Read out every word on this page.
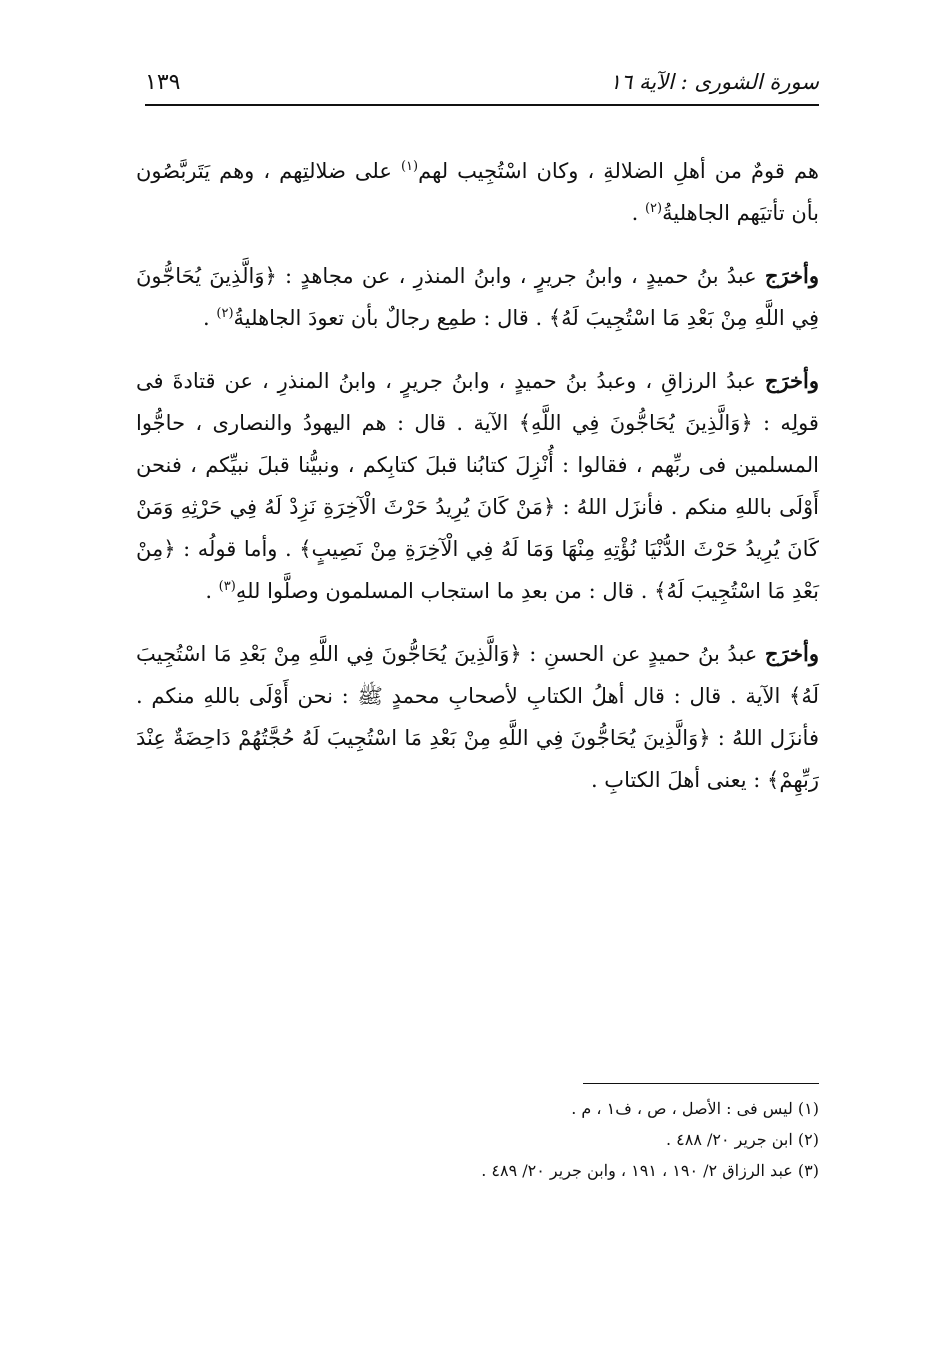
١٣٩	سورة الشورى : الآية ١٦

هم قومٌ من أهلِ الضلالةِ ، وكان اسْتُجِيب لهم$^{(١)}$ على ضلالتِهم ، وهم يَتَربَّصُون بأن تأتيَهم الجاهليةُ$^{(٢)}$ .

وأخرَج عبدُ بنُ حميدٍ ، وابنُ جريرٍ ، وابنُ المنذرِ ، عن مجاهدٍ : ﴿وَالَّذِينَ يُحَاجُّونَ فِي اللَّهِ مِنْ بَعْدِ مَا اسْتُجِيبَ لَهُ﴾ . قال : طمِع رجالٌ بأن تعودَ الجاهليةُ$^{(٢)}$ .

وأخرَج عبدُ الرزاقِ ، وعبدُ بنُ حميدٍ ، وابنُ جريرٍ ، وابنُ المنذرِ ، عن قتادةَ فى قولِه : ﴿وَالَّذِينَ يُحَاجُّونَ فِي اللَّهِ﴾ الآية . قال : هم اليهودُ والنصارى ، حاجُّوا المسلمين فى ربِّهم ، فقالوا : أُنْزِلَ كتابُنا قبلَ كتابِكم ، ونبيُّنا قبلَ نبيِّكم ، فنحن أَوْلَى باللهِ منكم . فأنزَل اللهُ : ﴿مَنْ كَانَ يُرِيدُ حَرْثَ الْآخِرَةِ نَزِدْ لَهُ فِي حَرْثِهِ وَمَنْ كَانَ يُرِيدُ حَرْثَ الدُّنْيَا نُؤْتِهِ مِنْهَا وَمَا لَهُ فِي الْآخِرَةِ مِنْ نَصِيبٍ﴾ . وأما قولُه : ﴿مِنْ بَعْدِ مَا اسْتُجِيبَ لَهُ﴾ . قال : من بعدِ ما استجاب المسلمون وصلَّوا للهِ$^{(٣)}$ .

وأخرَج عبدُ بنُ حميدٍ عن الحسنِ : ﴿وَالَّذِينَ يُحَاجُّونَ فِي اللَّهِ مِنْ بَعْدِ مَا اسْتُجِيبَ لَهُ﴾ الآية . قال : قال أهلُ الكتابِ لأصحابِ محمدٍ ﷺ : نحن أَوْلَى باللهِ منكم . فأنزَل اللهُ : ﴿وَالَّذِينَ يُحَاجُّونَ فِي اللَّهِ مِنْ بَعْدِ مَا اسْتُجِيبَ لَهُ حُجَّتُهُمْ دَاحِضَةٌ عِنْدَ رَبِّهِمْ﴾ : يعنى أهلَ الكتابِ .

(١) ليس فى : الأصل ، ص ، ف١ ، م .
(٢) ابن جرير ٢٠/ ٤٨٨ .
(٣) عبد الرزاق ٢/ ١٩٠ ، ١٩١ ، وابن جرير ٢٠/ ٤٨٩ .
